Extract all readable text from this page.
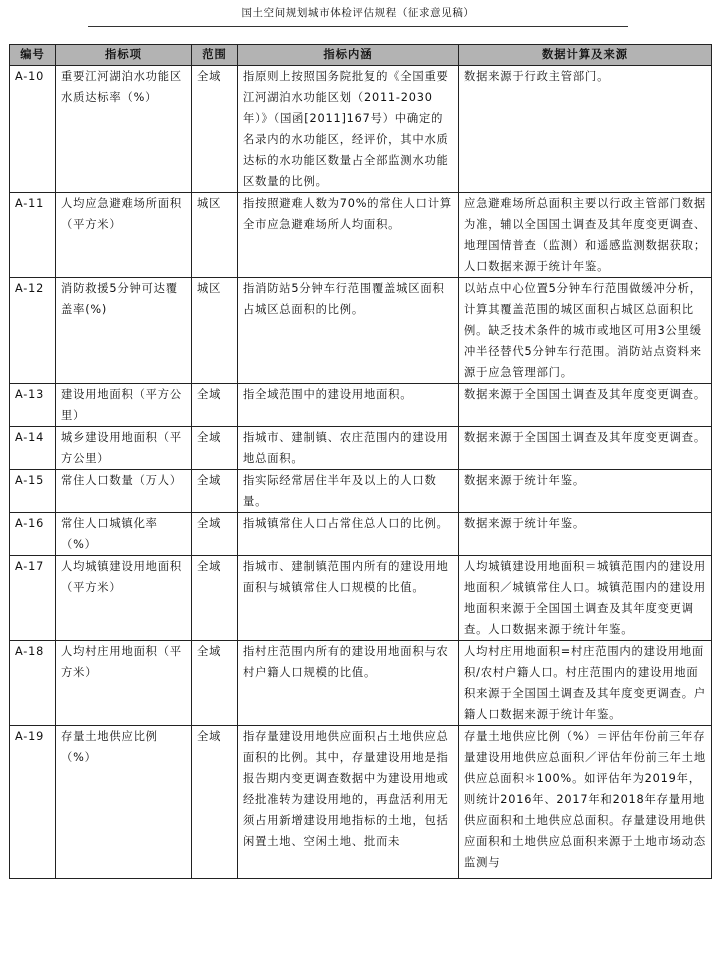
国土空间规划城市体检评估规程（征求意见稿）
编号	指标项	范围	指标内涵	数据计算及来源
A-10	重要江河湖泊水功能区水质达标率（%）	全域	指原则上按照国务院批复的《全国重要江河湖泊水功能区划（2011-2030年）》（国函[2011]167号）中确定的名录内的水功能区，经评价，其中水质达标的水功能区数量占全部监测水功能区数量的比例。	数据来源于行政主管部门。
A-11	人均应急避难场所面积（平方米）	城区	指按照避难人数为70%的常住人口计算全市应急避难场所人均面积。	应急避难场所总面积主要以行政主管部门数据为准，辅以全国国土调查及其年度变更调查、地理国情普查（监测）和遥感监测数据获取；人口数据来源于统计年鉴。
A-12	消防救援5分钟可达覆盖率(%)	城区	指消防站5分钟车行范围覆盖城区面积占城区总面积的比例。	以站点中心位置5分钟车行范围做缓冲分析，计算其覆盖范围的城区面积占城区总面积比例。缺乏技术条件的城市或地区可用3公里缓冲半径替代5分钟车行范围。消防站点资料来源于应急管理部门。
A-13	建设用地面积（平方公里）	全域	指全域范围中的建设用地面积。	数据来源于全国国土调查及其年度变更调查。
A-14	城乡建设用地面积（平方公里）	全域	指城市、建制镇、农庄范围内的建设用地总面积。	数据来源于全国国土调查及其年度变更调查。
A-15	常住人口数量（万人）	全域	指实际经常居住半年及以上的人口数量。	数据来源于统计年鉴。
A-16	常住人口城镇化率（%）	全域	指城镇常住人口占常住总人口的比例。	数据来源于统计年鉴。
A-17	人均城镇建设用地面积（平方米）	全域	指城市、建制镇范围内所有的建设用地面积与城镇常住人口规模的比值。	人均城镇建设用地面积＝城镇范围内的建设用地面积／城镇常住人口。城镇范围内的建设用地面积来源于全国国土调查及其年度变更调查。人口数据来源于统计年鉴。
A-18	人均村庄用地面积（平方米）	全域	指村庄范围内所有的建设用地面积与农村户籍人口规模的比值。	人均村庄用地面积=村庄范围内的建设用地面积/农村户籍人口。村庄范围内的建设用地面积来源于全国国土调查及其年度变更调查。户籍人口数据来源于统计年鉴。
A-19	存量土地供应比例（%）	全域	指存量建设用地供应面积占土地供应总面积的比例。其中，存量建设用地是指报告期内变更调查数据中为建设用地或经批准转为建设用地的，再盘活利用无须占用新增建设用地指标的土地，包括闲置土地、空闲土地、批而未	存量土地供应比例（%）＝评估年份前三年存量建设用地供应总面积／评估年份前三年土地供应总面积＊100%。如评估年为2019年，则统计2016年、2017年和2018年存量用地供应面积和土地供应总面积。存量建设用地供应面积和土地供应总面积来源于土地市场动态监测与
